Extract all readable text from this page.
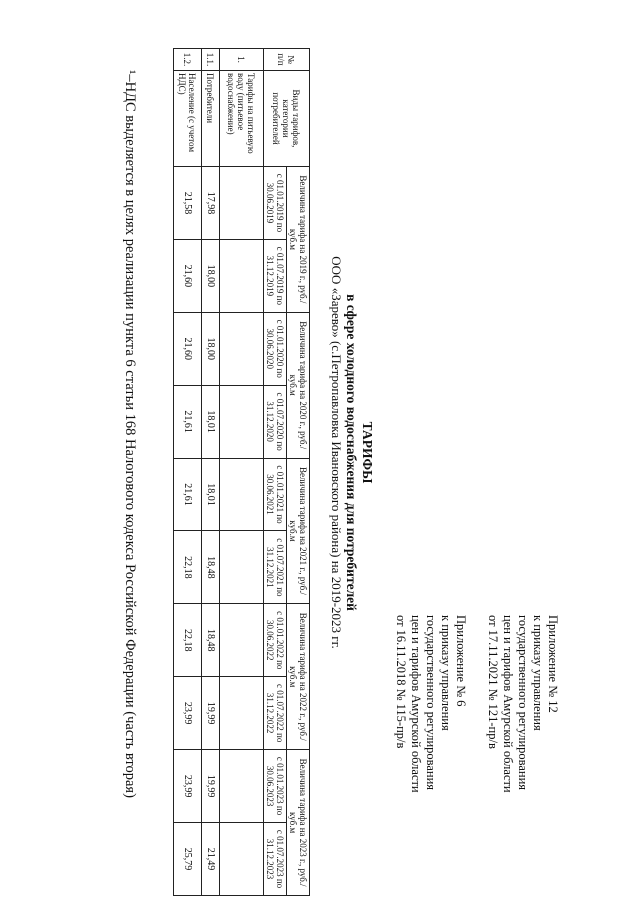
Приложение № 12
к приказу управления
государственного регулирования
цен и тарифов Амурской области
от 17.11.2021 № 121-пр/в
Приложение № 6
к приказу управления
государственного регулирования
цен и тарифов Амурской области
от 16.11.2018 № 115-пр/в
ТАРИФЫ
в сфере холодного водоснабжения для потребителей
ООО «Зарево» (с.Петропавловка Ивановского района) на 2019-2023 гг.
№ п/п	Виды тарифов, категории потребителей	Величина тарифа на 2019 г., руб./куб.м		Величина тарифа на 2020 г., руб./куб.м		Величина тарифа на 2021 г., руб./куб.м		Величина тарифа на 2022 г., руб./куб.м		Величина тарифа на 2023 г., руб./куб.м	
		с 01.01.2019 по 30.06.2019	с 01.07.2019 по 31.12.2019	с 01.01.2020 по 30.06.2020	с 01.07.2020 по 31.12.2020	с 01.01.2021 по 30.06.2021	с 01.07.2021 по 31.12.2021	с 01.01.2022 по 30.06.2022	с 01.07.2022 по 31.12.2022	с 01.01.2023 по 30.06.2023	с 01.07.2023 по 31.12.2023
1.	Тарифы на питьевую воду (питьевое водоснабжение)										
1.1.	Потребители	17,98	18,00	18,00	18,01	18,01	18,48	18,48	19,99	19,99	21,49
1.2.	Население (с учетом НДС)	21,58	21,60	21,60	21,61	21,61	22,18	22,18	23,99	23,99	25,79
¹–НДС выделяется в целях реализации пункта 6 статьи 168 Налогового кодекса Российской Федерации (часть вторая)
